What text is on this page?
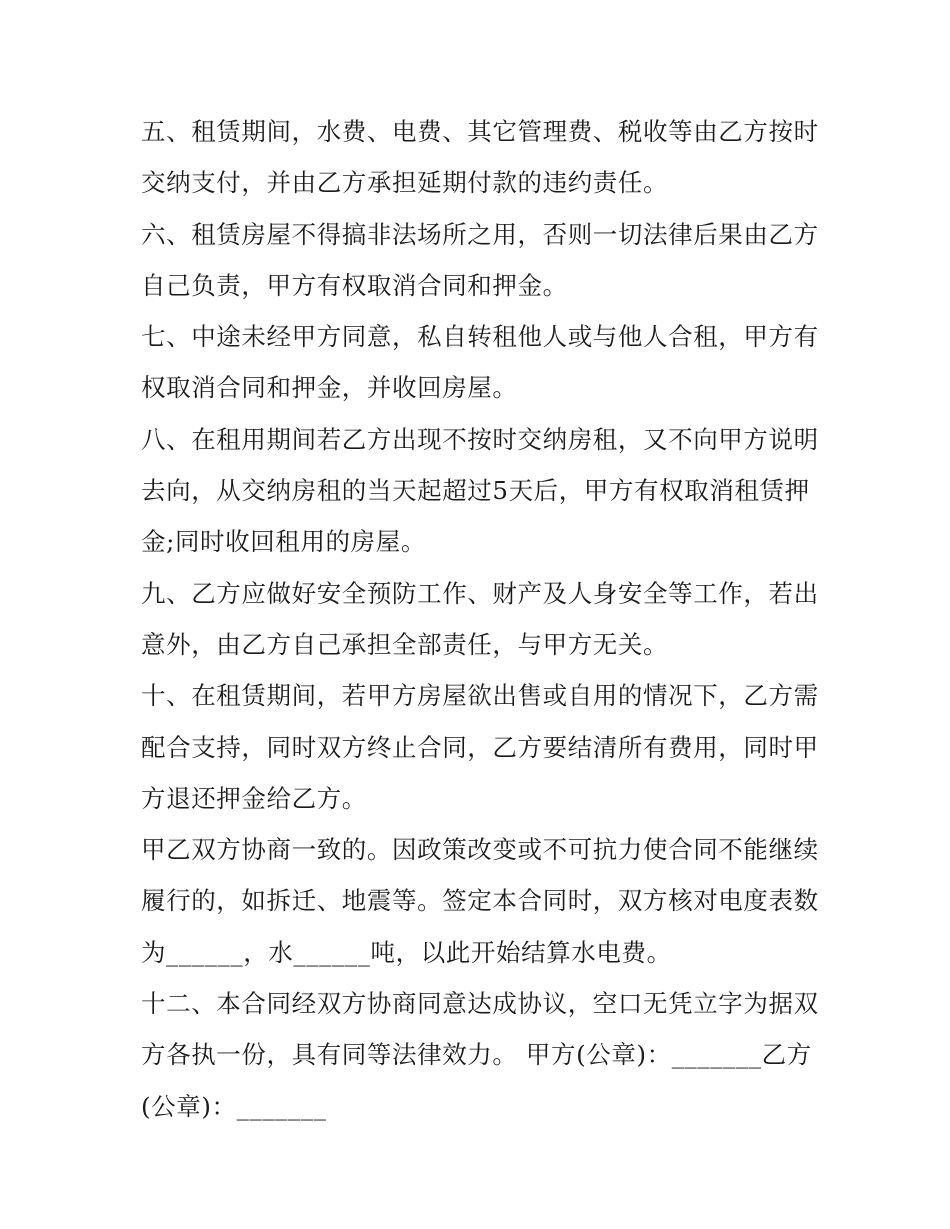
五、租赁期间，水费、电费、其它管理费、税收等由乙方按时
交纳支付，并由乙方承担延期付款的违约责任。
六、租赁房屋不得搞非法场所之用，否则一切法律后果由乙方
自己负责，甲方有权取消合同和押金。
七、中途未经甲方同意，私自转租他人或与他人合租，甲方有
权取消合同和押金，并收回房屋。
八、在租用期间若乙方出现不按时交纳房租，又不向甲方说明
去向，从交纳房租的当天起超过5天后，甲方有权取消租赁押
金;同时收回租用的房屋。
九、乙方应做好安全预防工作、财产及人身安全等工作，若出
意外，由乙方自己承担全部责任，与甲方无关。
十、在租赁期间，若甲方房屋欲出售或自用的情况下，乙方需
配合支持，同时双方终止合同，乙方要结清所有费用，同时甲
方退还押金给乙方。
甲乙双方协商一致的。因政策改变或不可抗力使合同不能继续
履行的，如拆迁、地震等。签定本合同时，双方核对电度表数
为______，水______吨，以此开始结算水电费。
十二、本合同经双方协商同意达成协议，空口无凭立字为据双
方各执一份，具有同等法律效力。 甲方(公章)：_______乙方
(公章)：_______
